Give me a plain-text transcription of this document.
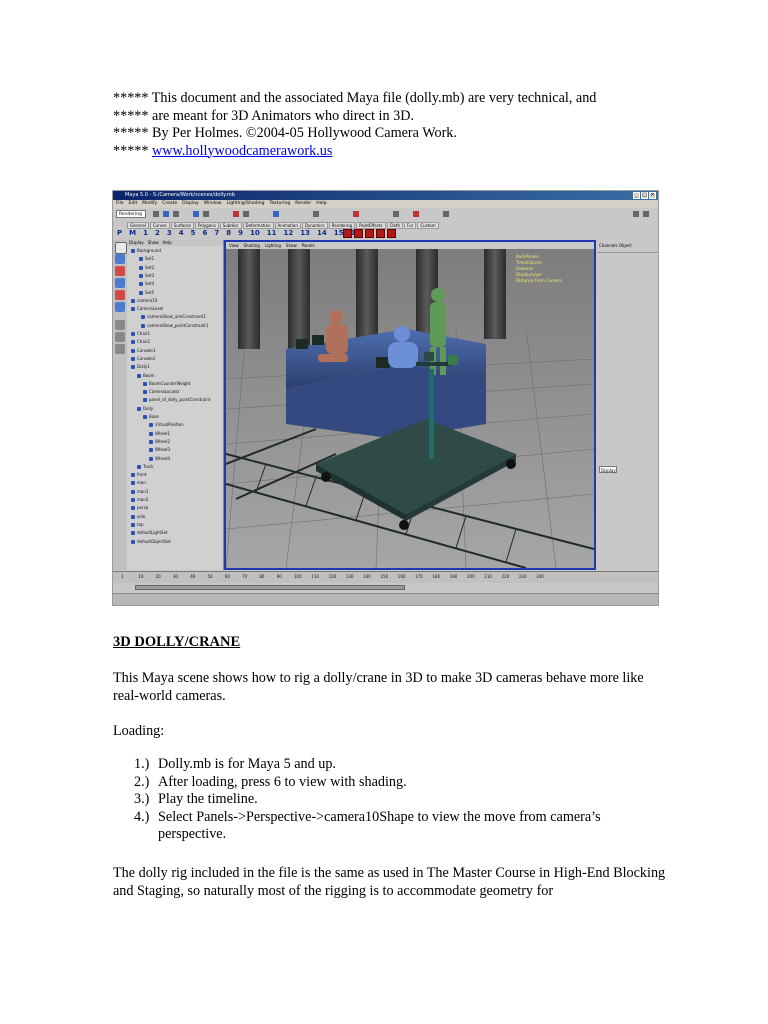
***** This document and the associated Maya file (dolly.mb) are very technical, and
***** are meant for 3D Animators who direct in 3D.
***** By Per Holmes. ©2004-05 Hollywood Camera Work.
***** www.hollywoodcamerawork.us
Maya 5.0 - S:/Camera/Work/scenes/dolly.mb	_ □ ×
File Edit Modify Create Display Window Lighting/Shading Texturing Render Help
Rendering
General	Curves	Surfaces	Polygons	Subdivs	Deformation	Animation	Dynamics	Rendering	PaintEffects	Cloth	Fur	Custom
P M 1 2 3 4 5 6 7 8 9 10 11 12 13 14 15
Display Show Help
Background
Set1
Set2
Set3
Set4
Set5
camera10
CameraLevel
cameraShow_aimConstraint1
cameraShow_pointConstraint1
Chair1
Chair2
Console1
Console2
Dolly1
Boom
BoomCounterWeight
CameraLocator
panel_of_dolly_pointConstraint
Dolly
Base
VirtualPosition
Wheel1
Wheel2
Wheel3
Wheel4
Track
front
man
man1
man2
persp
side
top
defaultLightSet
defaultObjectSet
View Shading Lighting Show Panels
BackPanels
TimeInScene
Features
DisplayLayer
Distance From Camera
Channels Object
Display
1	10	20	30	40	50	60	70	80	90	100 110 120 130 140 150 160 170 180 190 200 210 220 230 240
3D DOLLY/CRANE
This Maya scene shows how to rig a dolly/crane in 3D to make 3D cameras behave more like real-world cameras.
Loading:
1.) Dolly.mb is for Maya 5 and up.
2.) After loading, press 6 to view with shading.
3.) Play the timeline.
4.) Select Panels->Perspective->camera10Shape to view the move from camera’s perspective.
The dolly rig included in the file is the same as used in The Master Course in High-End Blocking and Staging, so naturally most of the rigging is to accommodate geometry for
